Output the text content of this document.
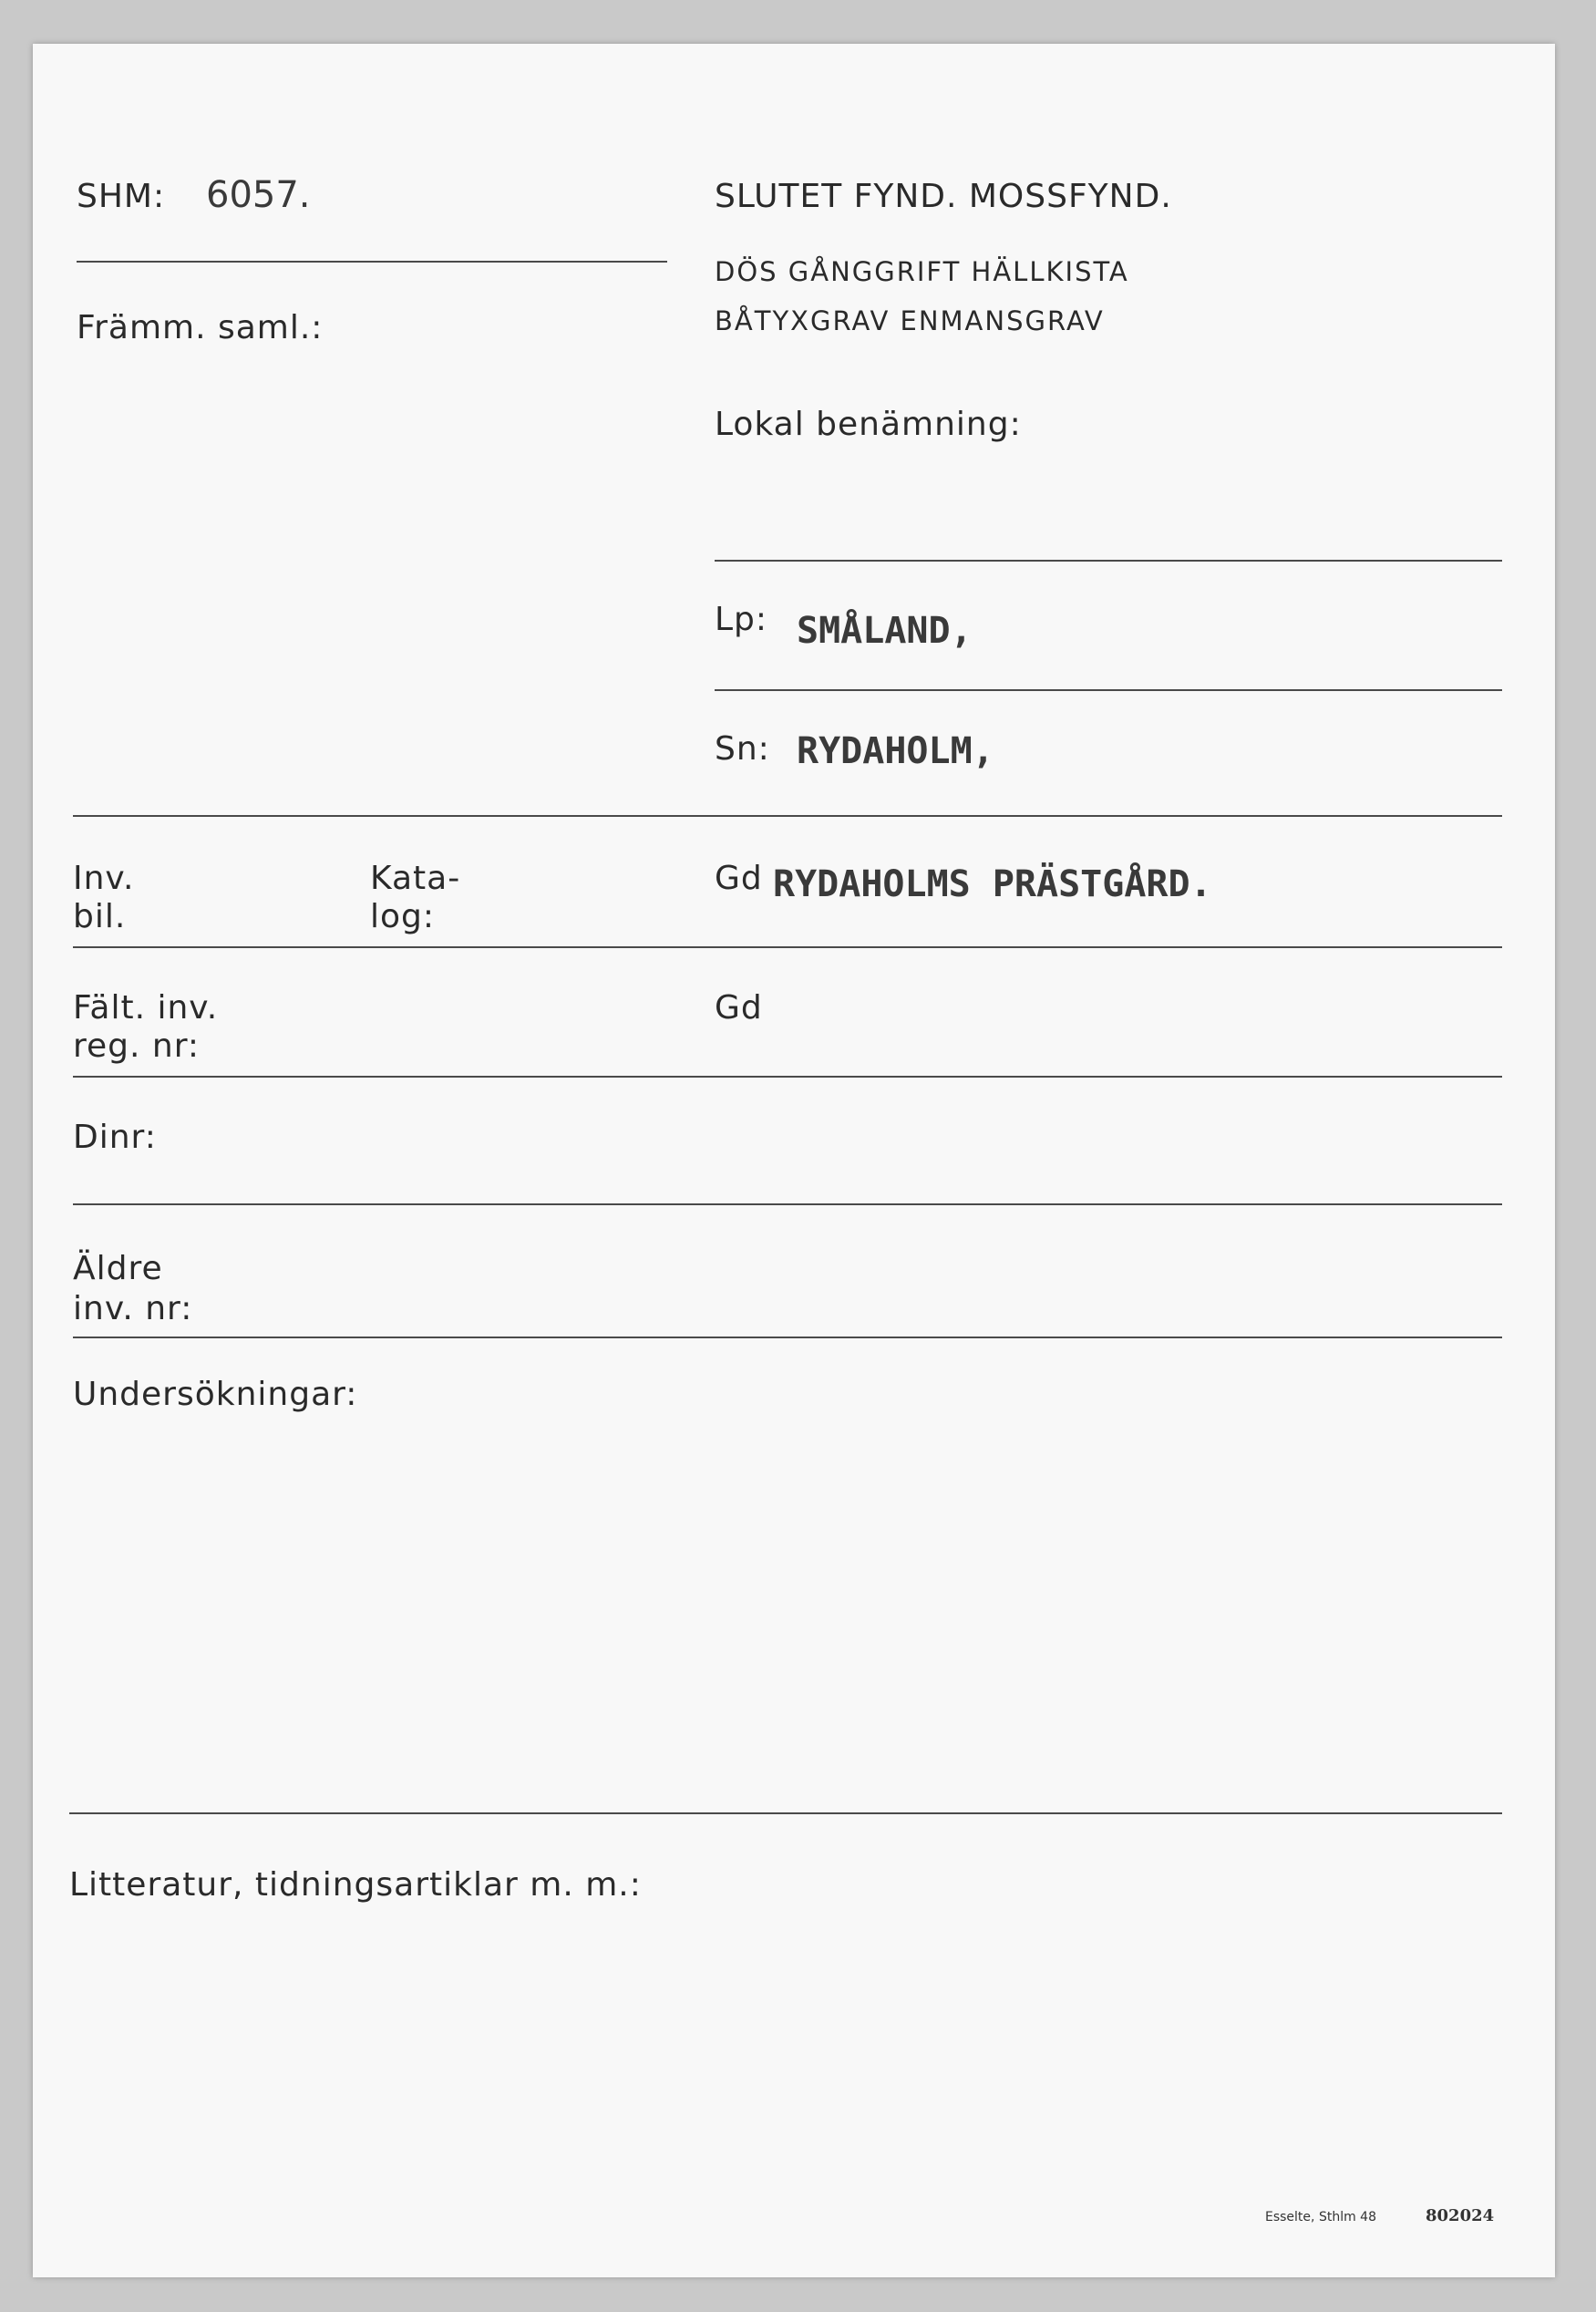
SHM: 6057.	SLUTET FYND. MOSSFYND.
DÖS GÅNGGRIFT HÄLLKISTA
BÅTYXGRAV ENMANSGRAV
Främm. saml.:
Lokal benämning:
Lp: SMÅLAND,
Sn: RYDAHOLM,
Inv.
bil.
Kata-
log:
Gd RYDAHOLMS PRÄSTGÅRD.
Fält. inv.
reg. nr:
Gd
Dinr:
Äldre
inv. nr:
Undersökningar:
Litteratur, tidningsartiklar m. m.:
Esselte, Sthlm 48	802024
